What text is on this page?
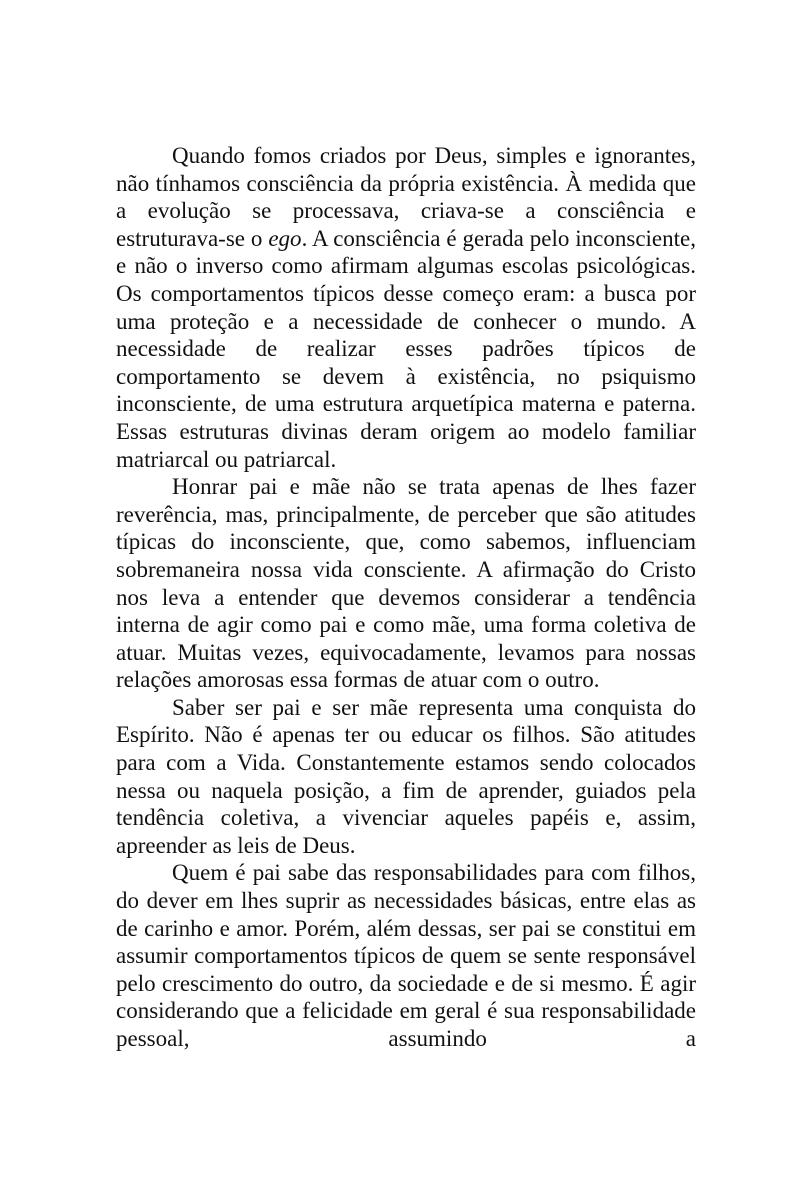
Quando fomos criados por Deus, simples e ignorantes, não tínhamos consciência da própria existência. À medida que a evolução se processava, criava-se a consciência e estruturava-se o ego. A consciência é gerada pelo inconsciente, e não o inverso como afirmam algumas escolas psicológicas. Os comportamentos típicos desse começo eram: a busca por uma proteção e a necessidade de conhecer o mundo. A necessidade de realizar esses padrões típicos de comportamento se devem à existência, no psiquismo inconsciente, de uma estrutura arquetípica materna e paterna. Essas estruturas divinas deram origem ao modelo familiar matriarcal ou patriarcal.

Honrar pai e mãe não se trata apenas de lhes fazer reverência, mas, principalmente, de perceber que são atitudes típicas do inconsciente, que, como sabemos, influenciam sobremaneira nossa vida consciente. A afirmação do Cristo nos leva a entender que devemos considerar a tendência interna de agir como pai e como mãe, uma forma coletiva de atuar. Muitas vezes, equivocadamente, levamos para nossas relações amorosas essa formas de atuar com o outro.

Saber ser pai e ser mãe representa uma conquista do Espírito. Não é apenas ter ou educar os filhos. São atitudes para com a Vida. Constantemente estamos sendo colocados nessa ou naquela posição, a fim de aprender, guiados pela tendência coletiva, a vivenciar aqueles papéis e, assim, apreender as leis de Deus.

Quem é pai sabe das responsabilidades para com filhos, do dever em lhes suprir as necessidades básicas, entre elas as de carinho e amor. Porém, além dessas, ser pai se constitui em assumir comportamentos típicos de quem se sente responsável pelo crescimento do outro, da sociedade e de si mesmo. É agir considerando que a felicidade em geral é sua responsabilidade pessoal, assumindo a
